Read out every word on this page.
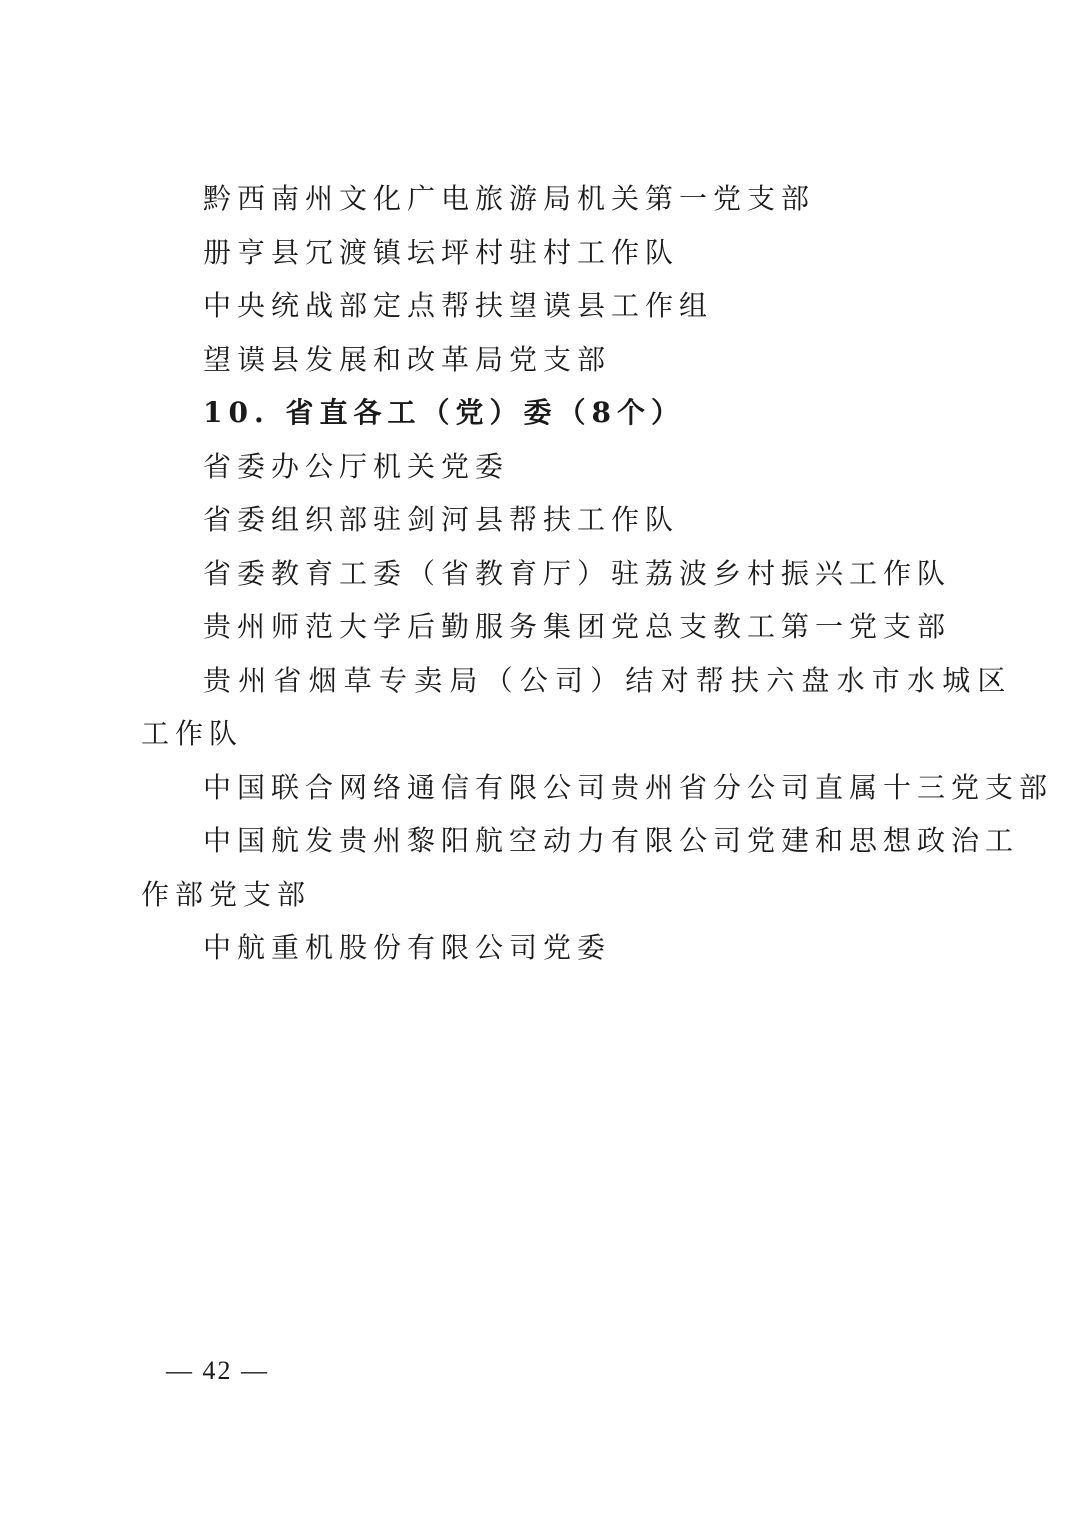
黔西南州文化广电旅游局机关第一党支部
册亨县冗渡镇坛坪村驻村工作队
中央统战部定点帮扶望谟县工作组
望谟县发展和改革局党支部
10. 省直各工（党）委（8个）
省委办公厅机关党委
省委组织部驻剑河县帮扶工作队
省委教育工委（省教育厅）驻荔波乡村振兴工作队
贵州师范大学后勤服务集团党总支教工第一党支部
贵州省烟草专卖局（公司）结对帮扶六盘水市水城区
工作队
中国联合网络通信有限公司贵州省分公司直属十三党支部
中国航发贵州黎阳航空动力有限公司党建和思想政治工
作部党支部
中航重机股份有限公司党委
— 42 —
